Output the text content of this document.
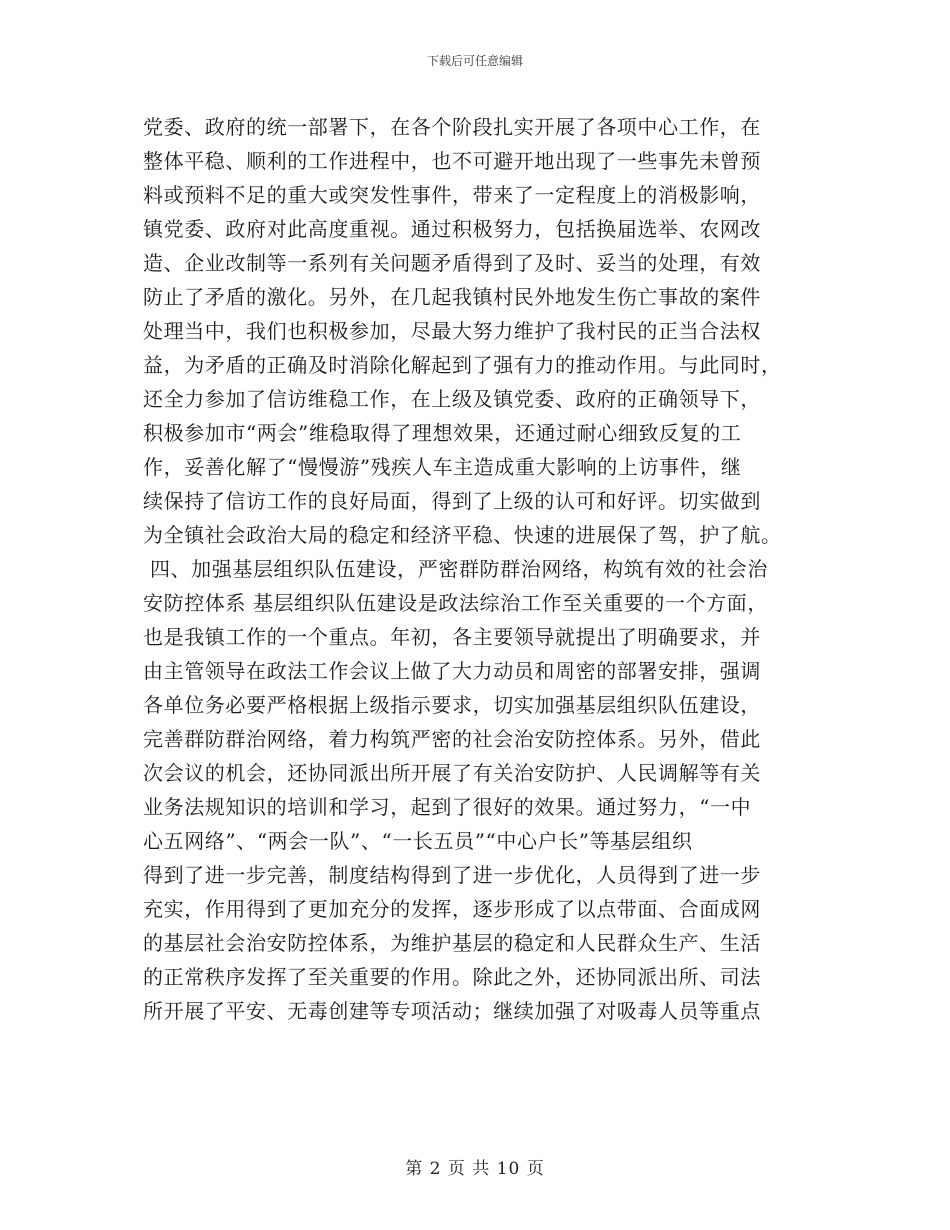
下载后可任意编辑
党委、政府的统一部署下，在各个阶段扎实开展了各项中心工作，在
整体平稳、顺利的工作进程中，也不可避开地出现了一些事先未曾预
料或预料不足的重大或突发性事件，带来了一定程度上的消极影响，
镇党委、政府对此高度重视。通过积极努力，包括换届选举、农网改
造、企业改制等一系列有关问题矛盾得到了及时、妥当的处理，有效
防止了矛盾的激化。另外，在几起我镇村民外地发生伤亡事故的案件
处理当中，我们也积极参加，尽最大努力维护了我村民的正当合法权
益，为矛盾的正确及时消除化解起到了强有力的推动作用。与此同时，
还全力参加了信访维稳工作，在上级及镇党委、政府的正确领导下，
积极参加市“两会”维稳取得了理想效果，还通过耐心细致反复的工
作，妥善化解了“慢慢游”残疾人车主造成重大影响的上访事件，继
续保持了信访工作的良好局面，得到了上级的认可和好评。切实做到
为全镇社会政治大局的稳定和经济平稳、快速的进展保了驾，护了航。
四、加强基层组织队伍建设，严密群防群治网络，构筑有效的社会治
安防控体系 基层组织队伍建设是政法综治工作至关重要的一个方面，
也是我镇工作的一个重点。年初，各主要领导就提出了明确要求，并
由主管领导在政法工作会议上做了大力动员和周密的部署安排，强调
各单位务必要严格根据上级指示要求，切实加强基层组织队伍建设，
完善群防群治网络，着力构筑严密的社会治安防控体系。另外，借此
次会议的机会，还协同派出所开展了有关治安防护、人民调解等有关
业务法规知识的培训和学习，起到了很好的效果。通过努力，“一中
心五网络”、“两会一队”、“一长五员”“中心户长”等基层组织
得到了进一步完善，制度结构得到了进一步优化，人员得到了进一步
充实，作用得到了更加充分的发挥，逐步形成了以点带面、合面成网
的基层社会治安防控体系，为维护基层的稳定和人民群众生产、生活
的正常秩序发挥了至关重要的作用。除此之外，还协同派出所、司法
所开展了平安、无毒创建等专项活动；继续加强了对吸毒人员等重点
第 2 页 共 10 页
